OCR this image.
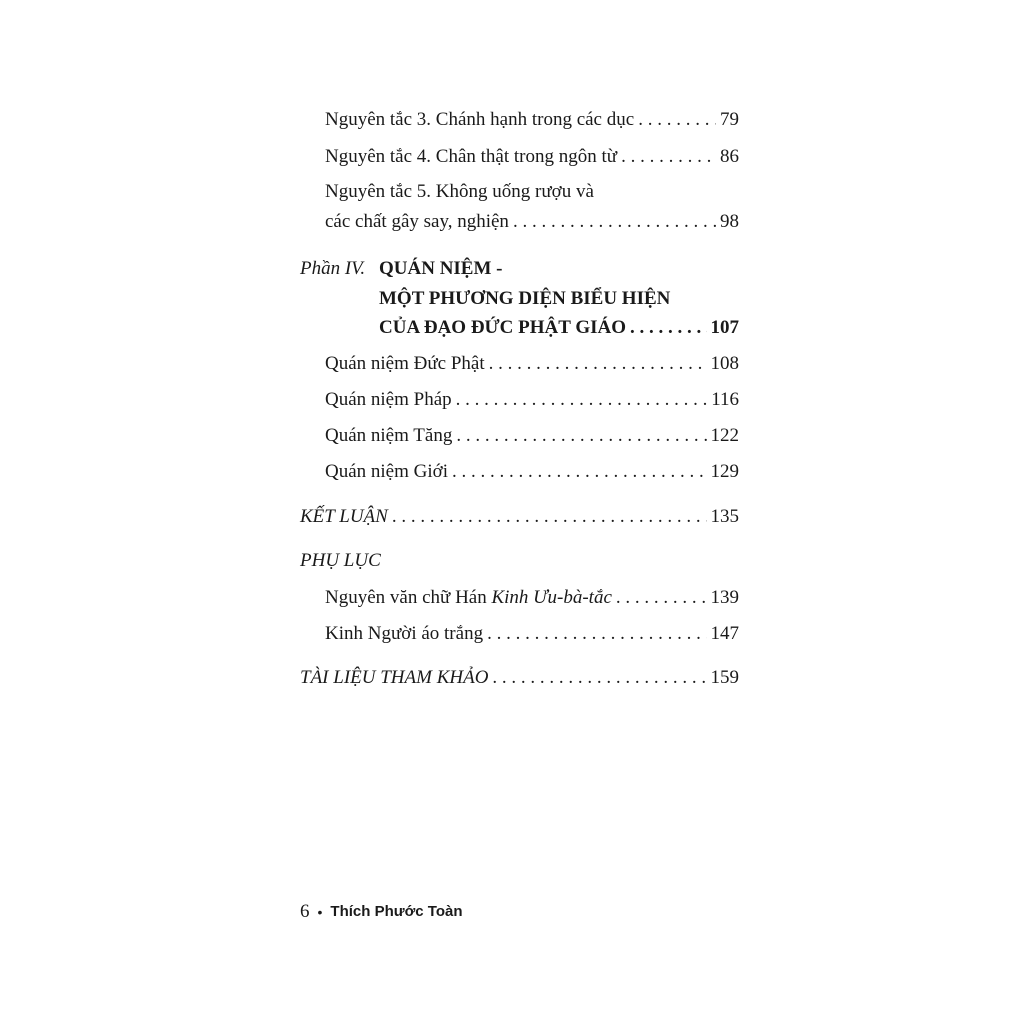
Nguyên tắc 3. Chánh hạnh trong các dục . . .	79
Nguyên tắc 4. Chân thật trong ngôn từ . . .	86
Nguyên tắc 5. Không uống rượu và
các chất gây say, nghiện . . .	98
Phần IV. QUÁN NIỆM -
MỘT PHƯƠNG DIỆN BIỂU HIỆN
CỦA ĐẠO ĐỨC PHẬT GIÁO . . .	107
Quán niệm Đức Phật . . .	108
Quán niệm Pháp . . .	116
Quán niệm Tăng . . .	122
Quán niệm Giới . . .	129
KẾT LUẬN . . .	135
PHỤ LỤC
Nguyên văn chữ Hán Kinh Ưu-bà-tắc . . .	139
Kinh Người áo trắng . . .	147
TÀI LIỆU THAM KHẢO . . .	159
6 • Thích Phước Toàn
